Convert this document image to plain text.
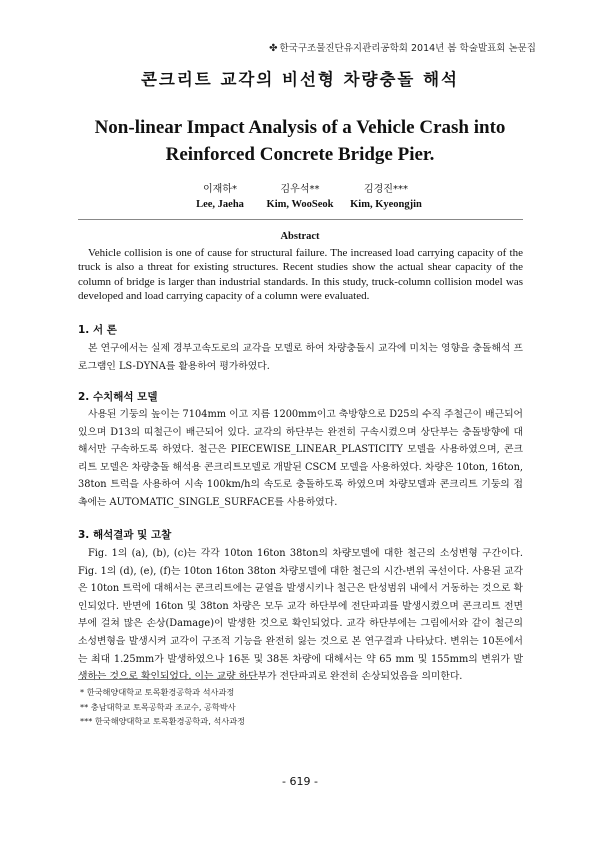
✤ 한국구조물진단유지관리공학회 2014년 봄 학술발표회 논문집
콘크리트 교각의 비선형 차량충돌 해석
Non-linear Impact Analysis of a Vehicle Crash into
Reinforced Concrete Bridge Pier.
이재하*
Lee, Jaeha
김우석**
Kim, WooSeok
김경진***
Kim, Kyeongjin
Abstract

Vehicle collision is one of cause for structural failure. The increased load carrying capacity of the truck is also a threat for existing structures. Recent studies show the actual shear capacity of the column of bridge is larger than industrial standards. In this study, truck-column collision model was developed and load carrying capacity of a column were evaluated.

1. 서 론

본 연구에서는 실제 경부고속도로의 교각을 모델로 하여 차량충돌시 교각에 미치는 영향을 충돌해석 프로그램인 LS-DYNA를 활용하여 평가하였다.

2. 수치해석 모델

사용된 기둥의 높이는 7104mm 이고 지름 1200mm이고 축방향으로 D25의 수직 주철근이 배근되어 있으며 D13의 띠철근이 배근되어 있다. 교각의 하단부는 완전히 구속시켰으며 상단부는 충돌방향에 대해서만 구속하도록 하였다. 철근은 PIECEWISE_LINEAR_PLASTICITY 모델을 사용하였으며, 콘크리트 모델은 차량충돌 해석용 콘크리트모델로 개발된 CSCM 모델을 사용하였다. 차량은 10ton, 16ton, 38ton 트럭을 사용하여 시속 100km/h의 속도로 충돌하도록 하였으며 차량모델과 콘크리트 기둥의 접촉에는 AUTOMATIC_SINGLE_SURFACE를 사용하였다.

3. 해석결과 및 고찰

Fig. 1의 (a), (b), (c)는 각각 10ton 16ton 38ton의 차량모델에 대한 철근의 소성변형 구간이다. Fig. 1의 (d), (e), (f)는 10ton 16ton 38ton 차량모델에 대한 철근의 시간-변위 곡선이다. 사용된 교각은 10ton 트럭에 대해서는 콘크리트에는 균열을 발생시키나 철근은 탄성범위 내에서 거동하는 것으로 확인되었다. 반면에 16ton 및 38ton 차량은 모두 교각 하단부에 전단파괴를 발생시켰으며 콘크리트 전면부에 걸쳐 많은 손상(Damage)이 발생한 것으로 확인되었다. 교각 하단부에는 그림에서와 같이 철근의 소성변형을 발생시켜 교각이 구조적 기능을 완전히 잃는 것으로 본 연구결과 나타났다. 변위는 10톤에서는 최대 1.25mm가 발생하였으나 16톤 및 38톤 차량에 대해서는 약 65 mm 및 155mm의 변위가 발생하는 것으로 확인되었다. 이는 교량 하단부가 전단파괴로 완전히 손상되었음을 의미한다.

* 한국해양대학교 토목환경공학과 석사과정
** 충남대학교 토목공학과 조교수, 공학박사
*** 한국해양대학교 토목환경공학과, 석사과정
- 619 -
